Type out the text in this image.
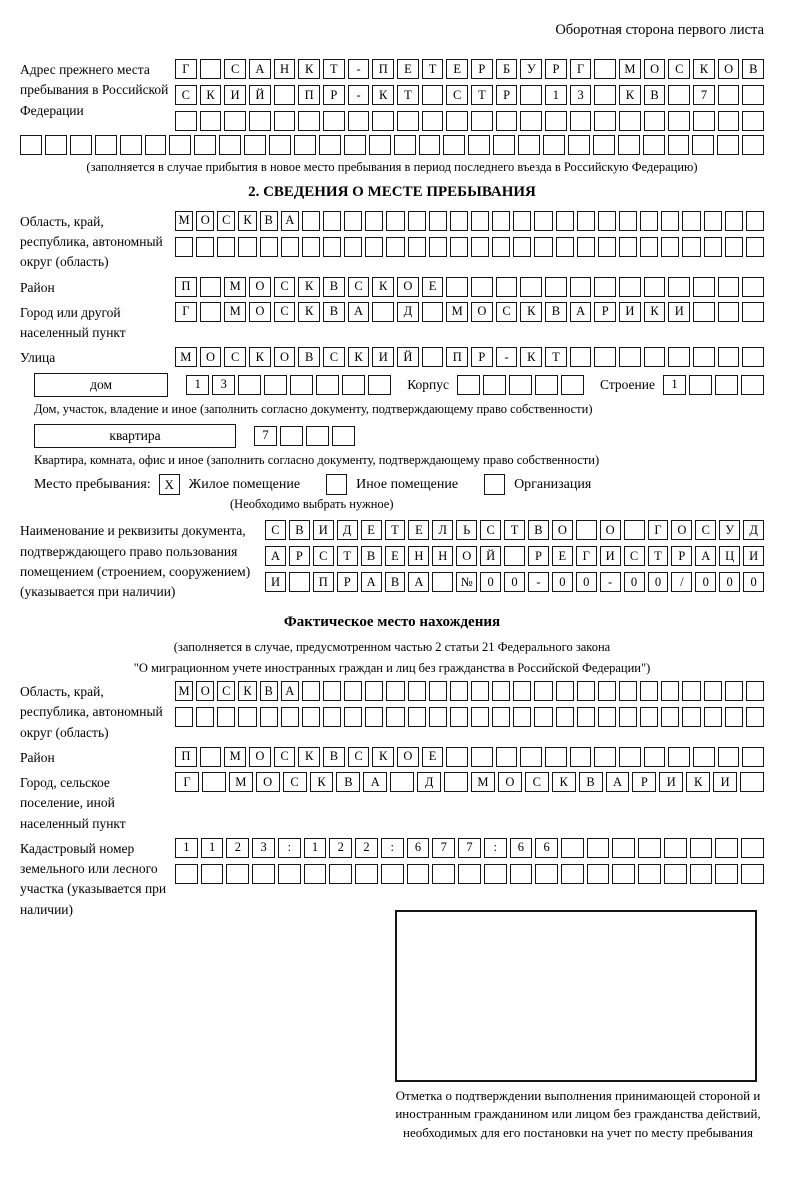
Оборотная сторона первого листа
Адрес прежнего места пребывания в Российской Федерации
Г	С	А	Н	К	Т	-	П	Е	Т	Е	Р	Б	У	Р	Г	М	О	С	К	О	В
С	К	И	Й	П	Р	-	К	Т	С	Т	Р	1	3	К	В	7
(заполняется в случае прибытия в новое место пребывания в период последнего въезда в Российскую Федерацию)
2. СВЕДЕНИЯ О МЕСТЕ ПРЕБЫВАНИЯ
Область, край, республика, автономный округ (область)
М О С	К	В А
Район	П	М	О	С	К	В	С	К	О	Е
Город или другой населенный пункт
Г	М	О	С	К	В	А	Д	М	О	С	К	В	А	Р	И	К	И
Улица	М	О	С	К	О	В	С	К	И	Й	П	Р	-	К	Т
дом	1	3	Корпус	Строение	1
Дом, участок, владение и иное (заполнить согласно документу, подтверждающему право собственности)
квартира	7
Квартира, комната, офис и иное (заполнить согласно документу, подтверждающему право собственности)
Место пребывания:	X	Жилое помещение	Иное помещение	Организация
(Необходимо выбрать нужное)
Наименование и реквизиты документа, подтверждающего право пользования помещением (строением, сооружением) (указывается при наличии)
С	В	И	Д	Е	Т	Е	Л	Ь	С	Т	В	О	О	Г	О	С	У	Д
А	Р	С	Т	В	Е	Н	Н	О	Й	Р	Е	Г	И	С	Т	Р	А	Ц	И
И	П	Р	А	В	А	№	0	0	-	0	0	-	0	0	/	0	0	0
Фактическое место нахождения
(заполняется в случае, предусмотренном частью 2 статьи 21 Федерального закона
"О миграционном учете иностранных граждан и лиц без гражданства в Российской Федерации")
Область, край, республика, автономный округ (область)
М О С	К	В А
Район	П	М	О	С	К	В	С	К	О	Е
Город, сельское поселение, иной населенный пункт
Г	М	О	С	К	В	А	Д	М	О	С	К	В	А	Р	И	К	И
Кадастровый номер земельного или лесного участка (указывается при наличии)
1	1	2	3	:	1	2	2	:	6	7	7	:	6	6
Отметка о подтверждении выполнения принимающей стороной и иностранным гражданином или лицом без гражданства действий, необходимых для его постановки на учет по месту пребывания
